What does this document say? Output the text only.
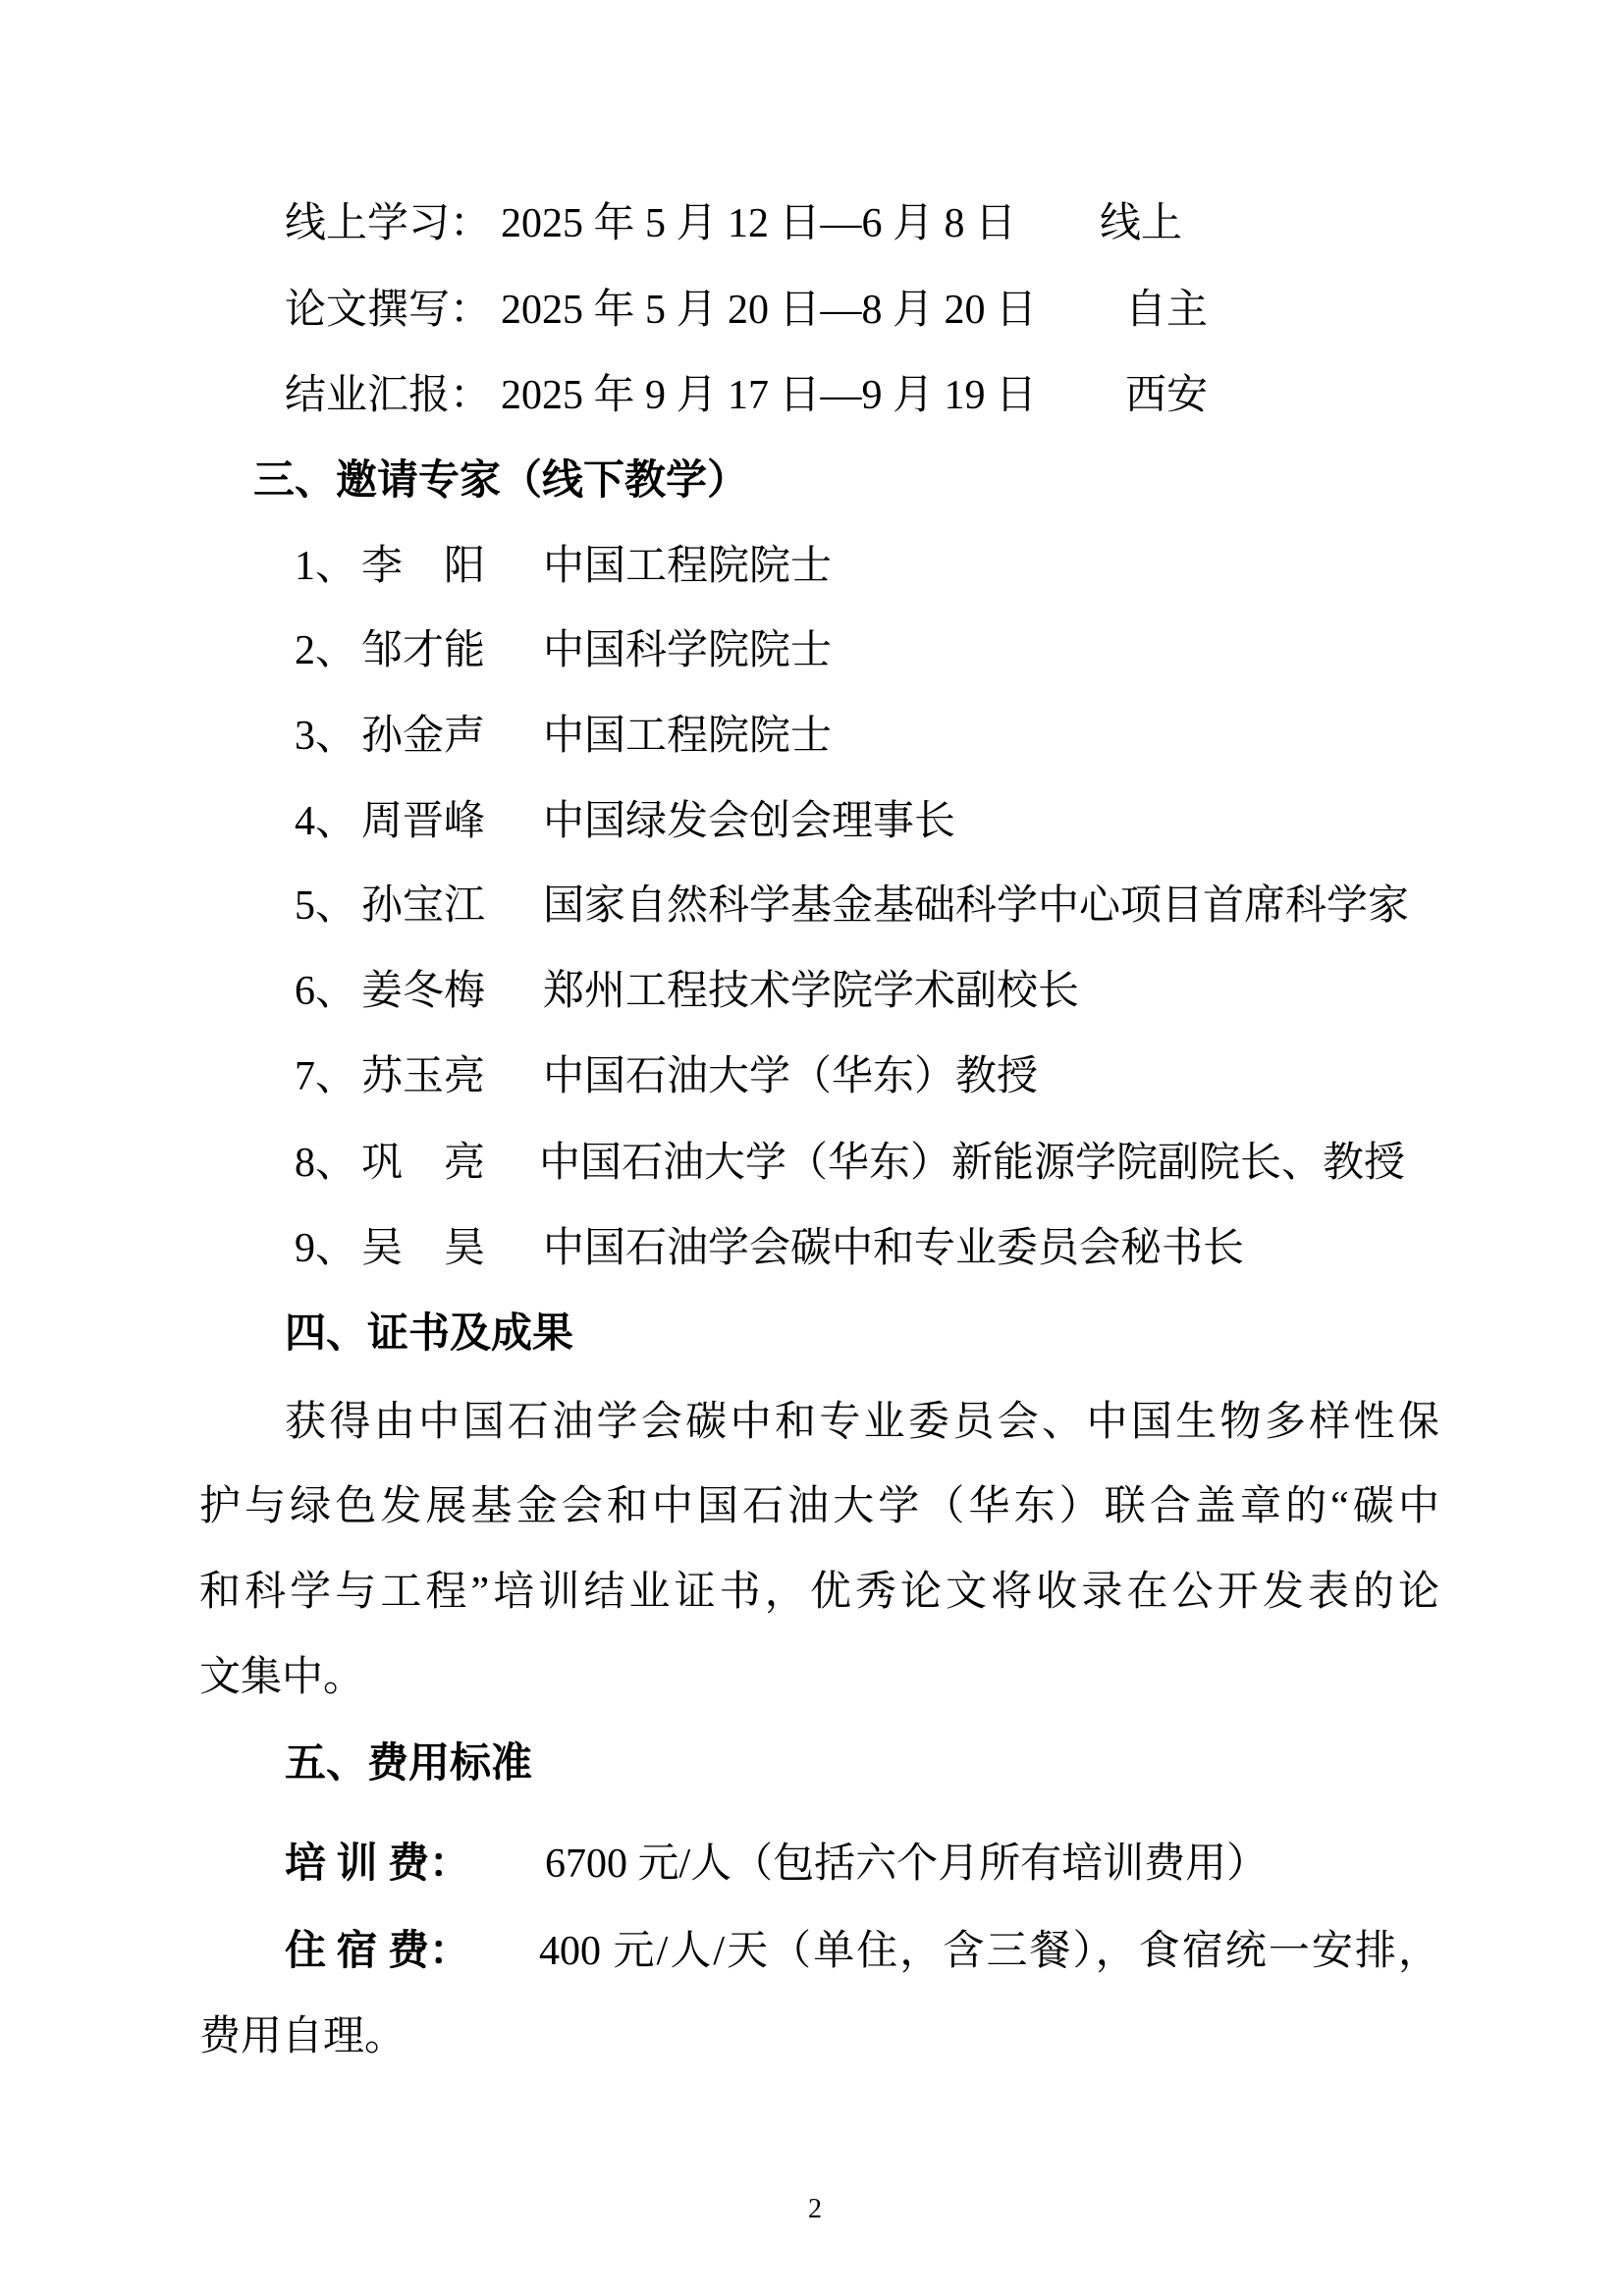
线上学习： 2025 年 5 月 12 日—6 月 8 日 线上
论文撰写： 2025 年 5 月 20 日—8 月 20 日 自主
结业汇报： 2025 年 9 月 17 日—9 月 19 日 西安
三、邀请专家（线下教学）
1、 李　阳 中国工程院院士
2、 邹才能 中国科学院院士
3、 孙金声 中国工程院院士
4、 周晋峰 中国绿发会创会理事长
5、 孙宝江 国家自然科学基金基础科学中心项目首席科学家
6、 姜冬梅 郑州工程技术学院学术副校长
7、 苏玉亮 中国石油大学（华东）教授
8、 巩　亮 中国石油大学（华东）新能源学院副院长、教授
9、 吴　昊 中国石油学会碳中和专业委员会秘书长
四、证书及成果
获得由中国石油学会碳中和专业委员会、中国生物多样性保
护与绿色发展基金会和中国石油大学（华东）联合盖章的“碳中
和科学与工程”培训结业证书，优秀论文将收录在公开发表的论
文集中。
五、费用标准
培 训 费： 6700 元/人（包括六个月所有培训费用）
住 宿 费： 400 元/人/天（单住，含三餐），食宿统一安排，
费用自理。
2
